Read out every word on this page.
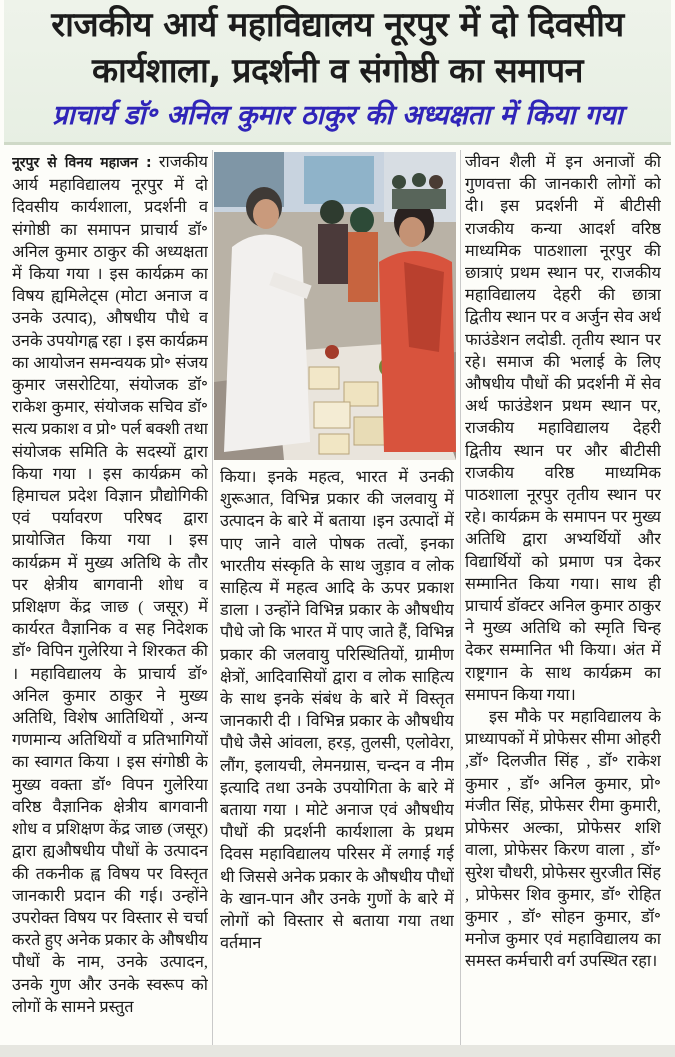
राजकीय आर्य महाविद्यालय नूरपुर में दो दिवसीय
कार्यशाला, प्रदर्शनी व संगोष्ठी का समापन
प्राचार्य डॉ॰ अनिल कुमार ठाकुर की अध्यक्षता में किया गया

नूरपुर से विनय महाजन : राजकीय आर्य महाविद्यालय नूरपुर में दो दिवसीय कार्यशाला, प्रदर्शनी व संगोष्ठी का समापन प्राचार्य डॉ॰ अनिल कुमार ठाकुर की अध्यक्षता में किया गया । इस कार्यक्रम का विषय ह्यमिलेट्स (मोटा अनाज व उनके उत्पाद), औषधीय पौधे व उनके उपयोगह्व रहा । इस कार्यक्रम का आयोजन समन्वयक प्रो॰ संजय कुमार जसरोटिया, संयोजक डॉ॰ राकेश कुमार, संयोजक सचिव डॉ॰ सत्य प्रकाश व प्रो॰ पर्ल बक्शी तथा संयोजक समिति के सदस्यों द्वारा किया गया । इस कार्यक्रम को हिमाचल प्रदेश विज्ञान प्रौद्योगिकी एवं पर्यावरण परिषद द्वारा प्रायोजित किया गया । इस कार्यक्रम में मुख्य अतिथि के तौर पर क्षेत्रीय बागवानी शोध व प्रशिक्षण केंद्र जाछ ( जसूर) में कार्यरत वैज्ञानिक व सह निदेशक डॉ॰ विपिन गुलेरिया ने शिरकत की । महाविद्यालय के प्राचार्य डॉ॰ अनिल कुमार ठाकुर ने मुख्य अतिथि, विशेष आतिथियों , अन्य गणमान्य अतिथियों व प्रतिभागियों का स्वागत किया । इस संगोष्ठी के मुख्य वक्ता डॉ॰ विपन गुलेरिया वरिष्ठ वैज्ञानिक क्षेत्रीय बागवानी शोध व प्रशिक्षण केंद्र जाछ (जसूर) द्वारा ह्यऔषधीय पौधों के उत्पादन की तकनीक ह्व विषय पर विस्तृत जानकारी प्रदान की गई। उन्होंने उपरोक्त विषय पर विस्तार से चर्चा करते हुए अनेक प्रकार के औषधीय पौधों के नाम, उनके उत्पादन, उनके गुण और उनके स्वरूप को लोगों के सामने प्रस्तुत

किया। इनके महत्व, भारत में उनकी शुरूआत, विभिन्न प्रकार की जलवायु में उत्पादन के बारे में बताया ।इन उत्पादों में पाए जाने वाले पोषक तत्वों, इनका भारतीय संस्कृति के साथ जुड़ाव व लोक साहित्य में महत्व आदि के ऊपर प्रकाश डाला । उन्होंने विभिन्न प्रकार के औषधीय पौधे जो कि भारत में पाए जाते हैं, विभिन्न प्रकार की जलवायु परिस्थितियों, ग्रामीण क्षेत्रों, आदिवासियों द्वारा व लोक साहित्य के साथ इनके संबंध के बारे में विस्तृत जानकारी दी । विभिन्न प्रकार के औषधीय पौधे जैसे आंवला, हरड़, तुलसी, एलोवेरा, लौंग, इलायची, लेमनग्रास, चन्दन व नीम इत्यादि तथा उनके उपयोगिता के बारे में बताया गया । मोटे अनाज एवं औषधीय पौधों की प्रदर्शनी कार्यशाला के प्रथम दिवस महाविद्यालय परिसर में लगाई गई थी जिससे अनेक प्रकार के औषधीय पौधों के खान-पान और उनके गुणों के बारे में लोगों को विस्तार से बताया गया तथा वर्तमान

जीवन शैली में इन अनाजों की गुणवत्ता की जानकारी लोगों को दी। इस प्रदर्शनी में बीटीसी राजकीय कन्या आदर्श वरिष्ठ माध्यमिक पाठशाला नूरपुर की छात्राएं प्रथम स्थान पर, राजकीय महाविद्यालय देहरी की छात्रा द्वितीय स्थान पर व अर्जुन सेव अर्थ फाउंडेशन लदोडी. तृतीय स्थान पर रहे। समाज की भलाई के लिए औषधीय पौधों की प्रदर्शनी में सेव अर्थ फाउंडेशन प्रथम स्थान पर, राजकीय महाविद्यालय देहरी द्वितीय स्थान पर और बीटीसी राजकीय वरिष्ठ माध्यमिक पाठशाला नूरपुर तृतीय स्थान पर रहे। कार्यक्रम के समापन पर मुख्य अतिथि द्वारा अभ्यर्थियों और विद्यार्थियों को प्रमाण पत्र देकर सम्मानित किया गया। साथ ही प्राचार्य डॉक्टर अनिल कुमार ठाकुर ने मुख्य अतिथि को स्मृति चिन्ह देकर सम्मानित भी किया। अंत में राष्ट्रगान के साथ कार्यक्रम का समापन किया गया।

इस मौके पर महाविद्यालय के प्राध्यापकों में प्रोफेसर सीमा ओहरी ,डॉ॰ दिलजीत सिंह , डॉ॰ राकेश कुमार , डॉ॰ अनिल कुमार, प्रो॰ मंजीत सिंह, प्रोफेसर रीमा कुमारी, प्रोफेसर अल्का, प्रोफेसर शशि वाला, प्रोफेसर किरण वाला , डॉ॰ सुरेश चौधरी, प्रोफेसर सुरजीत सिंह , प्रोफेसर शिव कुमार, डॉ॰ रोहित कुमार , डॉ॰ सोहन कुमार, डॉ॰ मनोज कुमार एवं महाविद्यालय का समस्त कर्मचारी वर्ग उपस्थित रहा।
